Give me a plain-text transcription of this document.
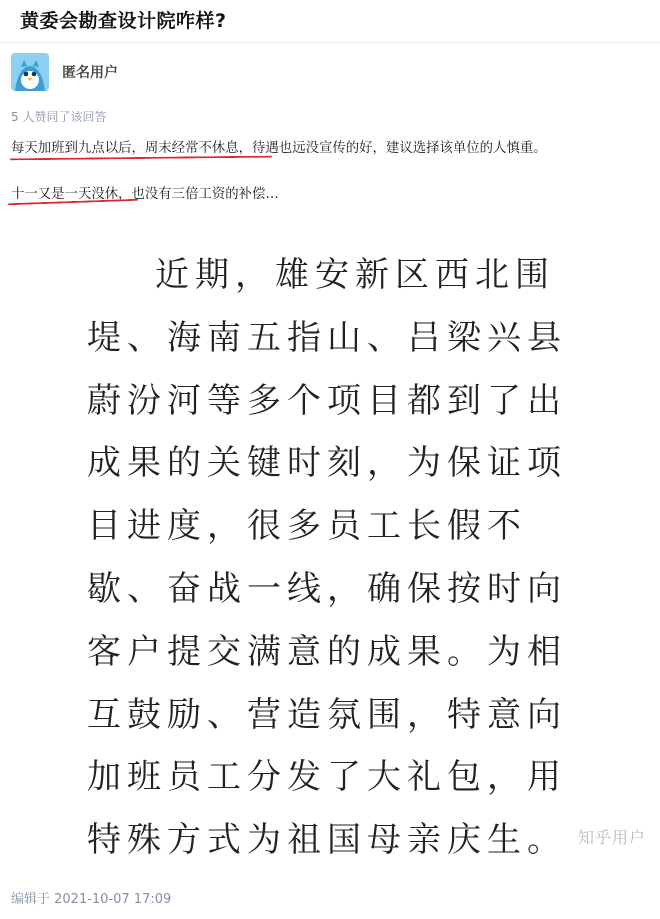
黄委会勘查设计院咋样?
匿名用户
5 人赞同了该回答
每天加班到九点以后，周末经常不休息，待遇也远没宣传的好，建议选择该单位的人慎重。
十一又是一天没休，也没有三倍工资的补偿…
近期，雄安新区西北围堤、海南五指山、吕梁兴县蔚汾河等多个项目都到了出成果的关键时刻，为保证项目进度，很多员工长假不歇、奋战一线，确保按时向客户提交满意的成果。为相互鼓励、营造氛围，特意向加班员工分发了大礼包，用特殊方式为祖国母亲庆生。 知乎用户
编辑于 2021-10-07 17:09
